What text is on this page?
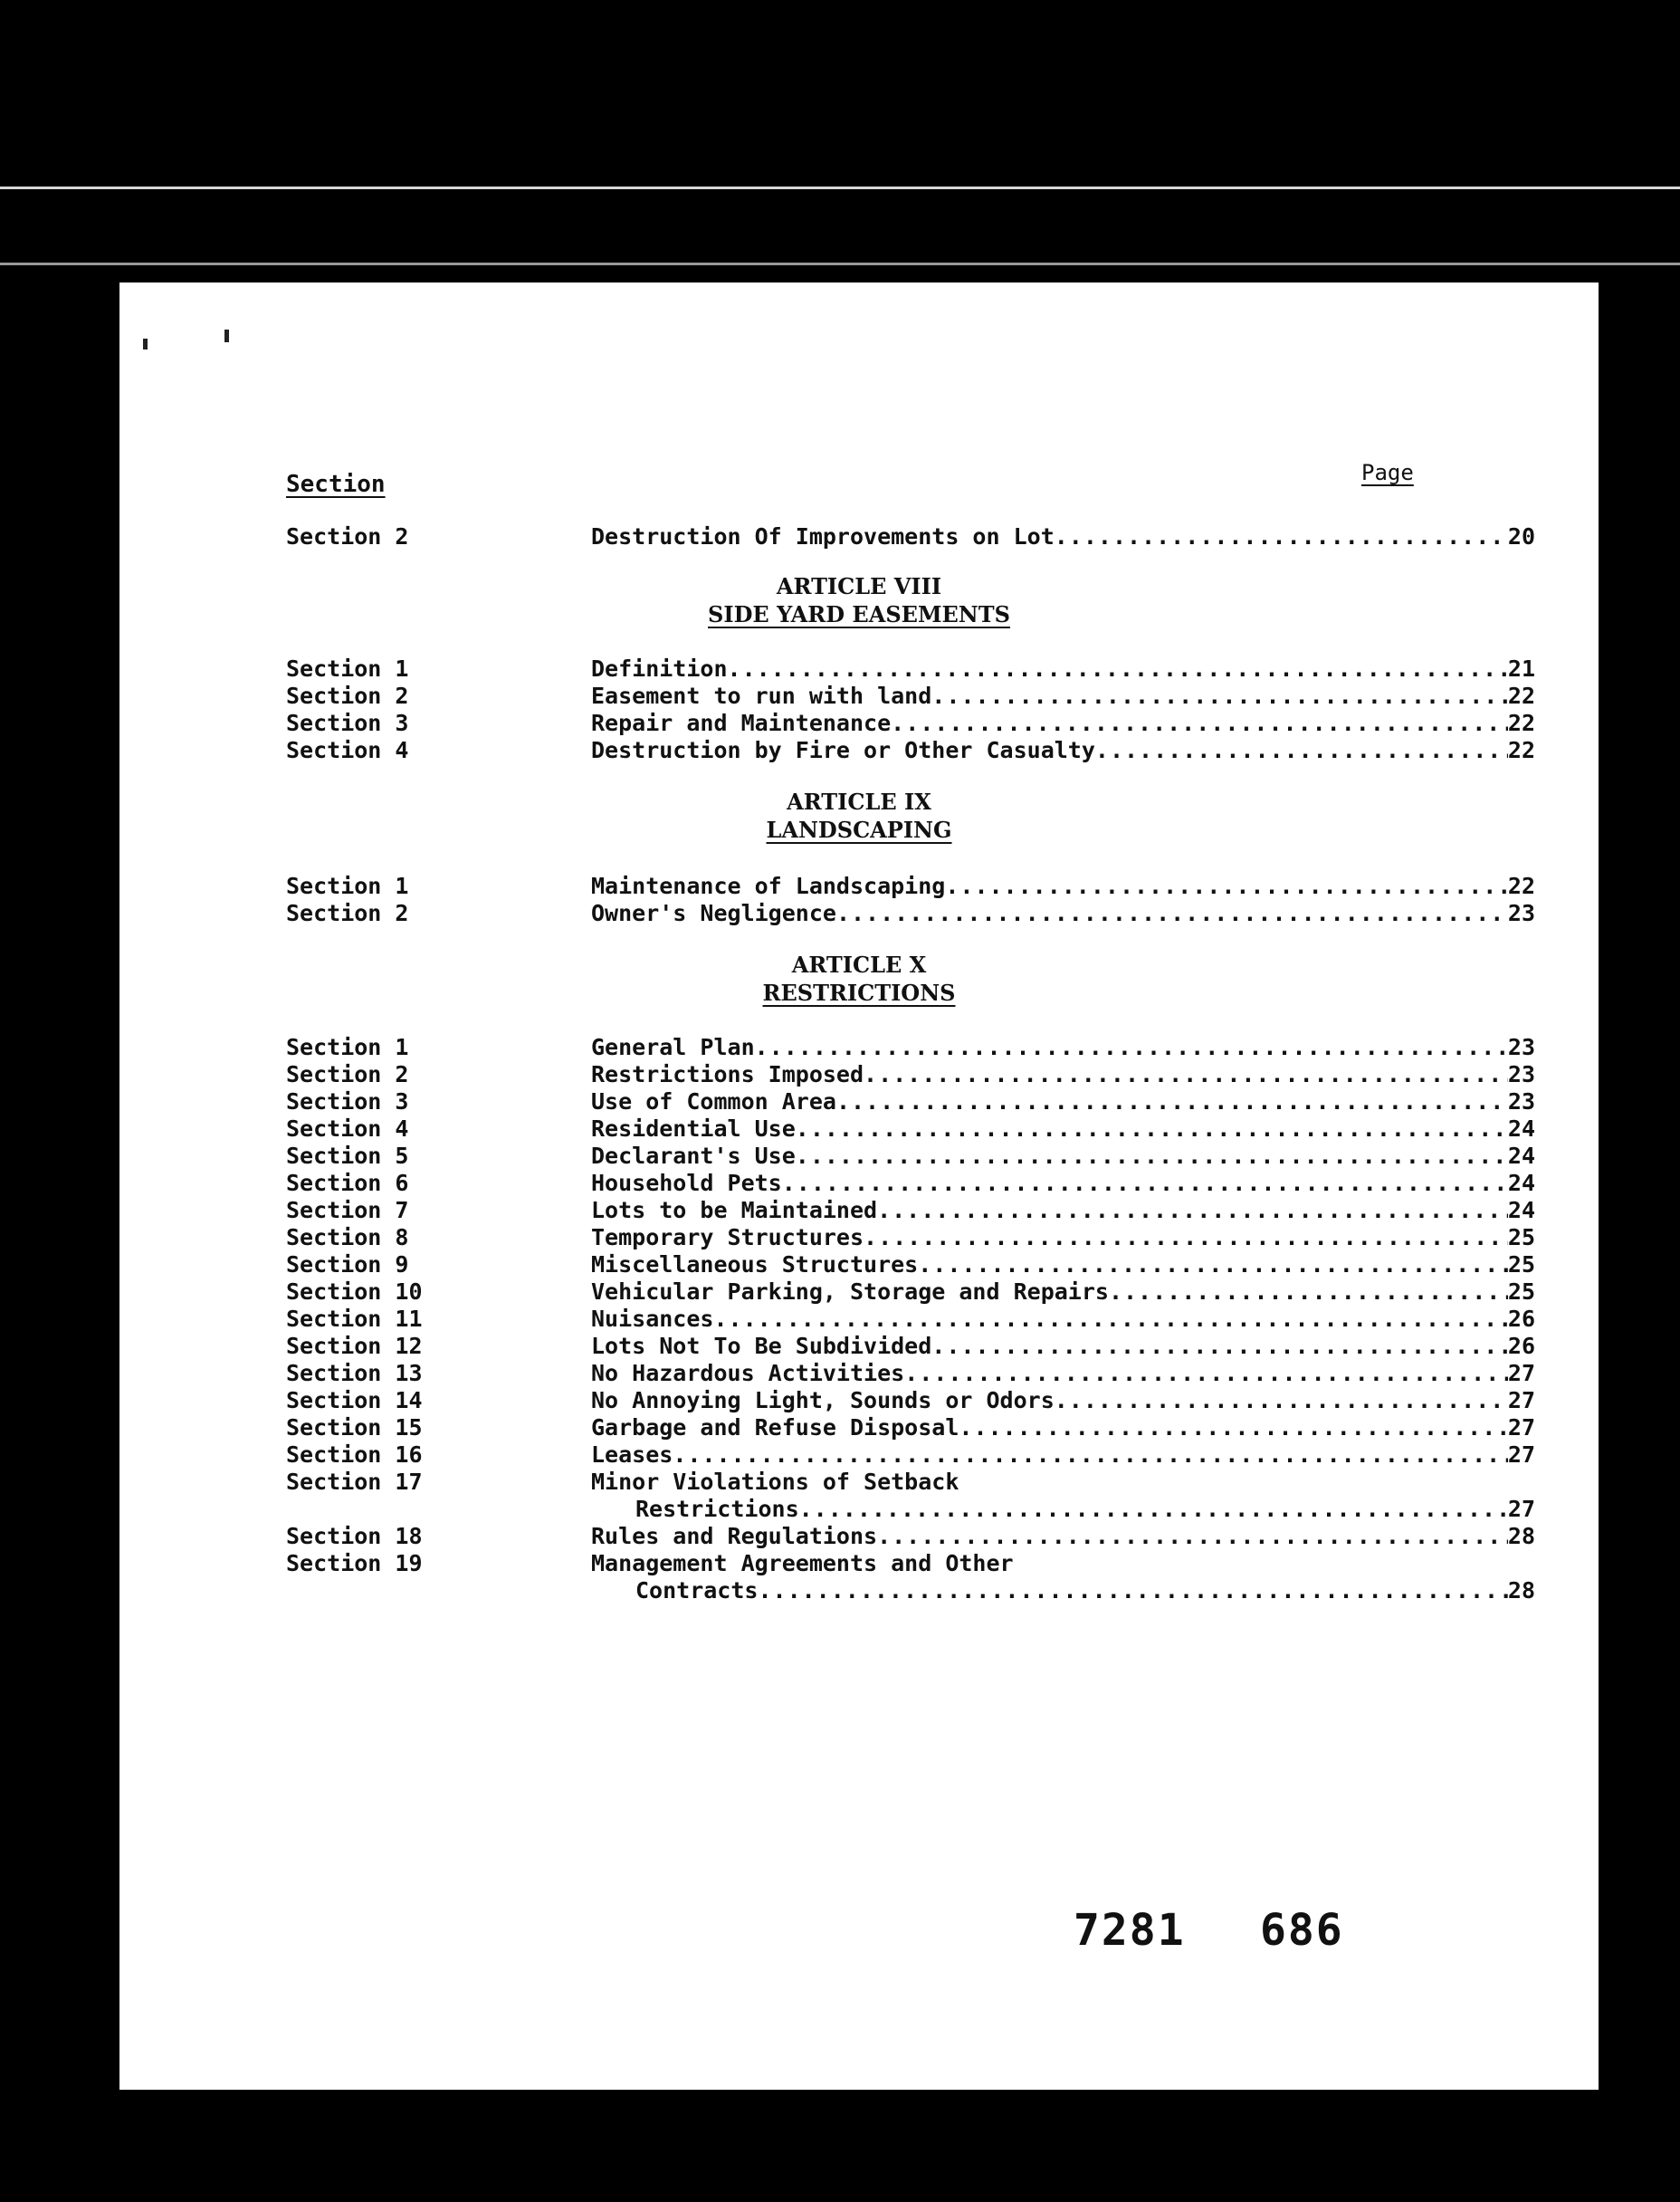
Section	Page
Section 2	Destruction Of Improvements on Lot .....	20
ARTICLE VIII
SIDE YARD EASEMENTS
Section 1	Definition .....	21
Section 2	Easement to run with land .....	22
Section 3	Repair and Maintenance .....	22
Section 4	Destruction by Fire or Other Casualty .....	22
ARTICLE IX
LANDSCAPING
Section 1	Maintenance of Landscaping .....	22
Section 2	Owner's Negligence .....	23
ARTICLE X
RESTRICTIONS
Section 1	General Plan .....	23
Section 2	Restrictions Imposed .....	23
Section 3	Use of Common Area .....	23
Section 4	Residential Use .....	24
Section 5	Declarant's Use .....	24
Section 6	Household Pets .....	24
Section 7	Lots to be Maintained .....	24
Section 8	Temporary Structures .....	25
Section 9	Miscellaneous Structures .....	25
Section 10	Vehicular Parking, Storage and Repairs .....	25
Section 11	Nuisances .....	26
Section 12	Lots Not To Be Subdivided .....	26
Section 13	No Hazardous Activities .....	27
Section 14	No Annoying Light, Sounds or Odors .....	27
Section 15	Garbage and Refuse Disposal .....	27
Section 16	Leases .....	27
Section 17	Minor Violations of Setback
Restrictions .....	27
Section 18	Rules and Regulations .....	28
Section 19	Management Agreements and Other
Contracts .....	28
7281 686
